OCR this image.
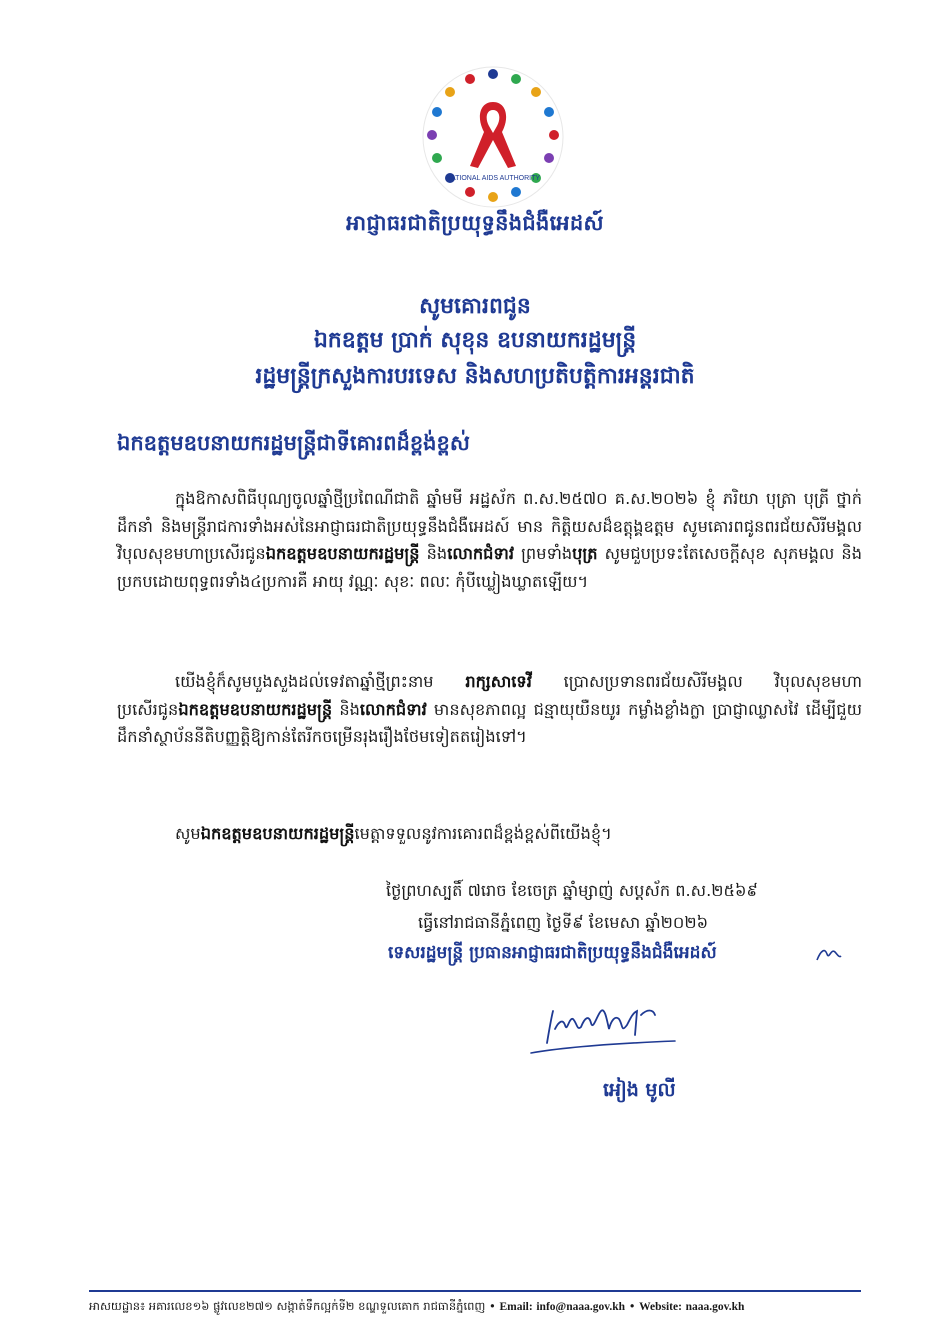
NATIONAL AIDS AUTHORITY
អាជ្ញាធរជាតិប្រយុទ្ធនឹងជំងឺអេដស៍
សូមគោរពជូន
ឯកឧត្តម ប្រាក់ សុខុន ឧបនាយករដ្ឋមន្ត្រី
រដ្ឋមន្ត្រីក្រសួងការបរទេស និងសហប្រតិបត្តិការអន្តរជាតិ
ឯកឧត្តមឧបនាយករដ្ឋមន្ត្រីជាទីគោរពដ៏ខ្ពង់ខ្ពស់
ក្នុងឱកាសពិធីបុណ្យចូលឆ្នាំថ្មីប្រពៃណីជាតិ ឆ្នាំមមី អដ្ឋស័ក ព.ស.២៥៧០ គ.ស.២០២៦ ខ្ញុំ ភរិយា បុត្រា បុត្រី ថ្នាក់ដឹកនាំ និងមន្ត្រីរាជការទាំងអស់នៃអាជ្ញាធរជាតិប្រយុទ្ធនឹងជំងឺអេដស៍ មាន កិត្តិយសដ៏ឧត្តុង្គឧត្តម សូមគោរពជូនពរជ័យសិរីមង្គលវិបុលសុខមហាប្រសើរជូនឯកឧត្តមឧបនាយករដ្ឋមន្ត្រី និងលោកជំទាវ ព្រមទាំងបុត្រ សូមជួបប្រទះតែសេចក្តីសុខ សុភមង្គល និងប្រកបដោយពុទ្ធពរទាំង៤ប្រការគឺ អាយុ វណ្ណៈ សុខៈ ពលៈ កុំបីឃ្លៀងឃ្លាតឡើយ។
យើងខ្ញុំក៏សូមបួងសួងដល់ទេវតាឆ្នាំថ្មីព្រះនាម រាក្សសាទេវី ប្រោសប្រទានពរជ័យសិរីមង្គល វិបុលសុខមហាប្រសើរជូនឯកឧត្តមឧបនាយករដ្ឋមន្ត្រី និងលោកជំទាវ មានសុខភាពល្អ ជន្មាយុយឺនយូរ កម្លាំងខ្លាំងក្លា ប្រាជ្ញាឈ្លាសវៃ ដើម្បីជួយដឹកនាំស្ថាប័ននីតិបញ្ញត្តិឱ្យកាន់តែរីកចម្រើនរុងរឿងថែមទៀតតរៀងទៅ។
សូមឯកឧត្តមឧបនាយករដ្ឋមន្ត្រីមេត្តាទទួលនូវការគោរពដ៏ខ្ពង់ខ្ពស់ពីយើងខ្ញុំ។
ថ្ងៃព្រហស្បតិ៍ ៧រោច ខែចេត្រ ឆ្នាំម្សាញ់ សប្តស័ក ព.ស.២៥៦៩
ធ្វើនៅរាជធានីភ្នំពេញ ថ្ងៃទី៩ ខែមេសា ឆ្នាំ២០២៦
ទេសរដ្ឋមន្ត្រី ប្រធានអាជ្ញាធរជាតិប្រយុទ្ធនឹងជំងឺអេដស៍
អៀង មូលី
អាសយដ្ឋាន៖ អគារលេខ១៦ ផ្លូវលេខ២៧១ សង្កាត់ទឹកល្អក់ទី២ ខណ្ឌទួលគោក រាជធានីភ្នំពេញ • Email: info@naaa.gov.kh • Website: naaa.gov.kh
